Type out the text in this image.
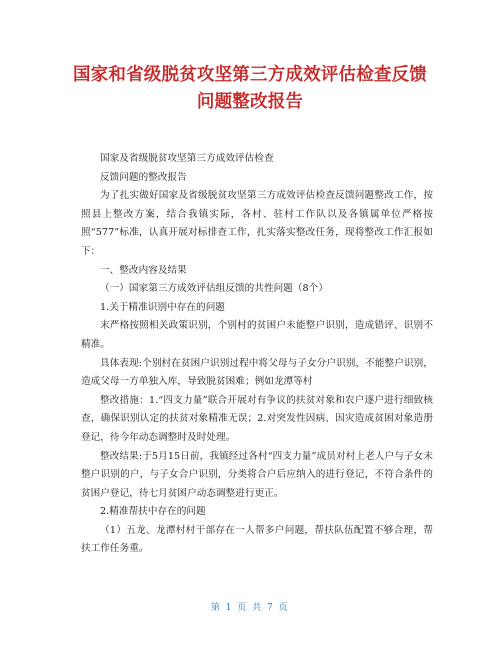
国家和省级脱贫攻坚第三方成效评估检查反馈
问题整改报告

国家及省级脱贫攻坚第三方成效评估检查

反馈问题的整改报告

为了扎实做好国家及省级脱贫攻坚第三方成效评估检查反馈问题整改工作，按照县上整改方案，结合我镇实际，各村、驻村工作队以及各镇属单位严格按照“577”标准，认真开展对标排查工作，扎实落实整改任务，现将整改工作汇报如下：

一、整改内容及结果

（一）国家第三方成效评估组反馈的共性问题（8个）

1.关于精准识别中存在的问题

末严格按照相关政策识别，个别村的贫困户未能整户识别，造成错评、识别不精准。

具体表现:个别村在贫困户识别过程中将父母与子女分户识别，不能整户识别，造成父母一方单独入库，导致脱贫困难；例如龙潭等村

整改措施：1.“四支力量”联合开展对有争议的扶贫对象和农户逐户进行细致核查，确保识别认定的扶贫对象精准无误；2.对突发性因病、因灾造成贫困对象造册登记，待今年动态调整时及时处理。

整改结果:于5月15日前，我镇经过各村“四支力量”成员对村上老人户与子女未整户识别的户，与子女合户识别，分类将合户后应纳入的进行登记，不符合条件的贫困户登记，待七月贫困户动态调整进行更正。

2.精准帮扶中存在的问题

（1）五龙、龙潭村村干部存在一人帮多户问题，帮扶队伍配置不够合理，帮扶工作任务重。

第 1 页 共 7 页
